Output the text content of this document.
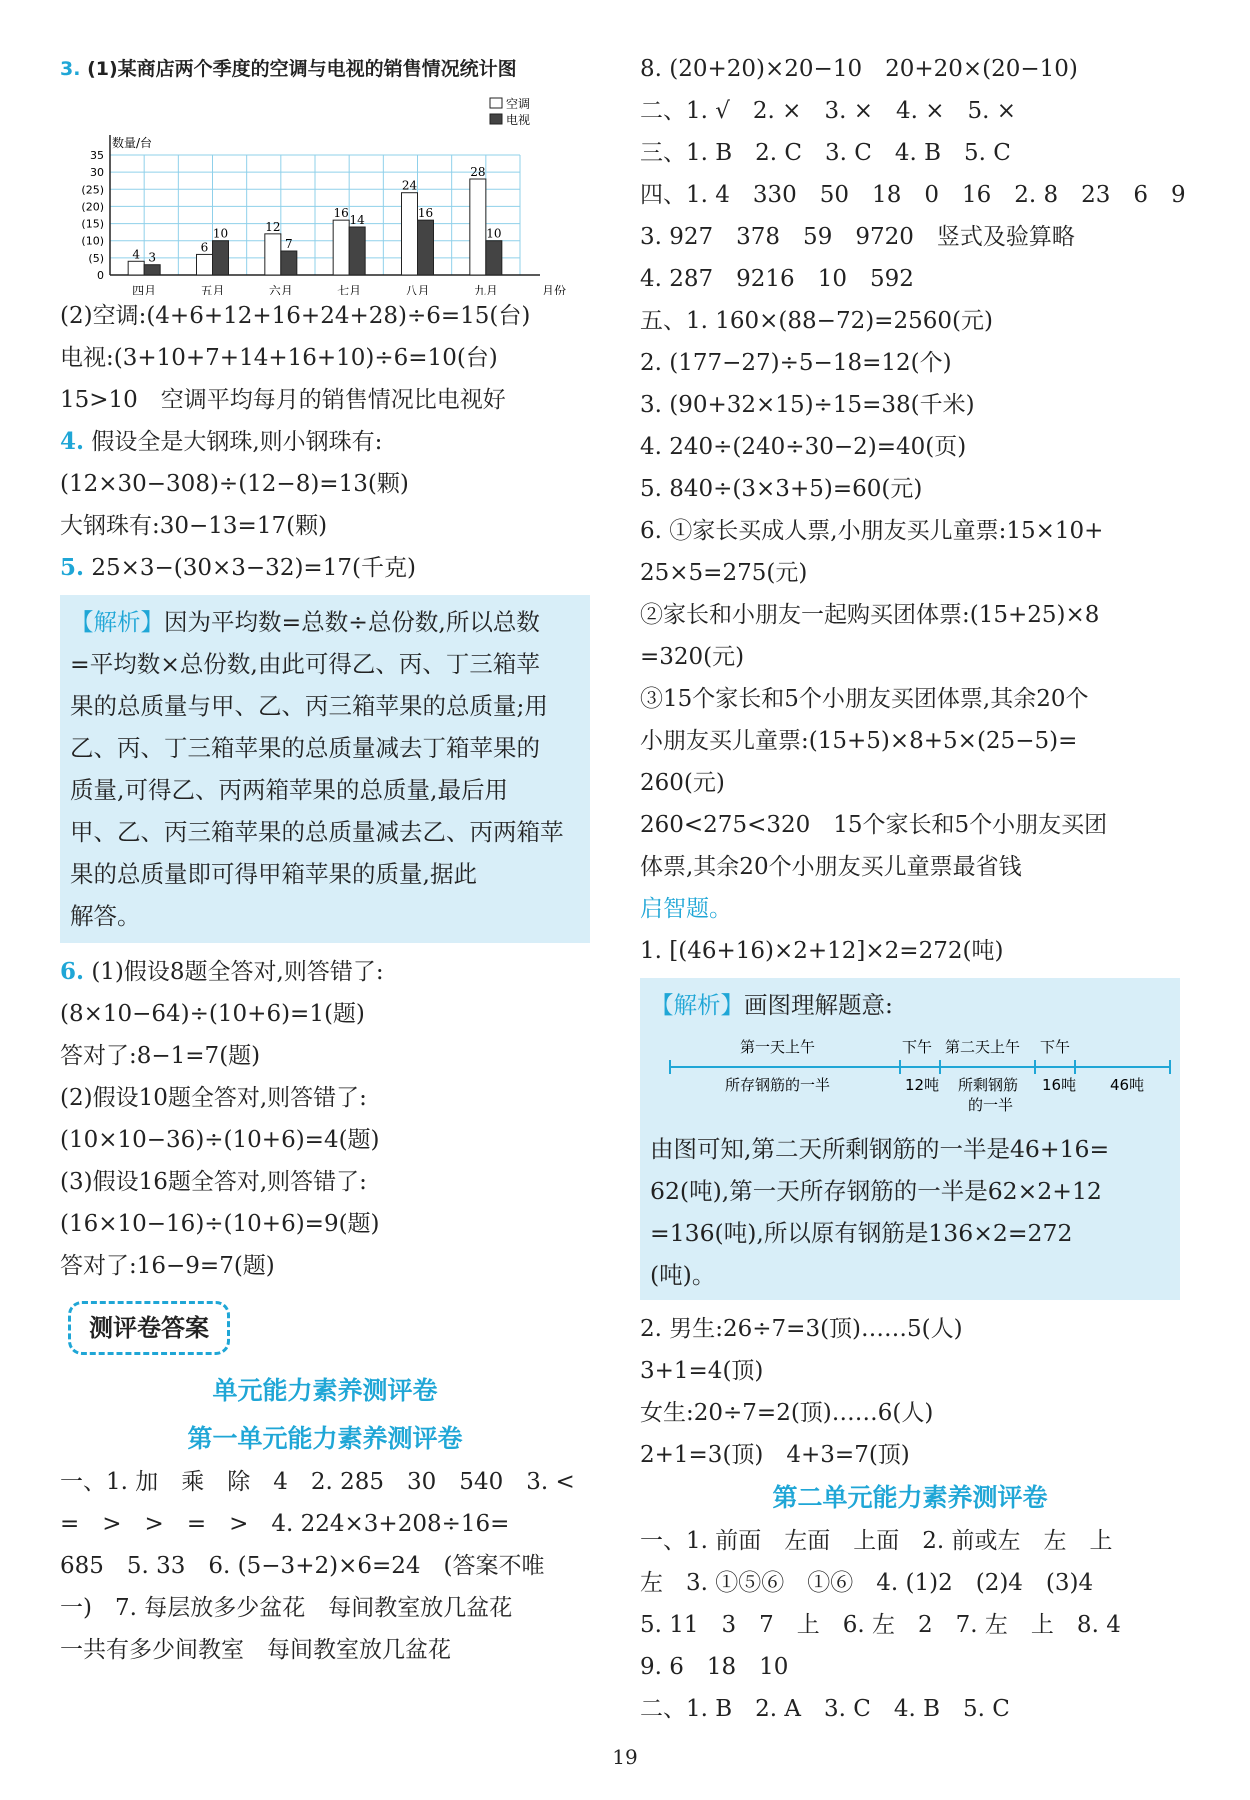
3. (1)某商店两个季度的空调与电视的销售情况统计图
35
30
(25)
(20)
(15)
(10)
(5)
0
数量/台
月份
4 3
四月
6
10
五月
12
7
六月
16 14
七月
24
16
八月
28
10
九月
空调
电视
(2)空调:(4+6+12+16+24+28)÷6=15(台)
电视:(3+10+7+14+16+10)÷6=10(台)
15>10　空调平均每月的销售情况比电视好
4. 假设全是大钢珠,则小钢珠有:
(12×30−308)÷(12−8)=13(颗)
大钢珠有:30−13=17(颗)
5. 25×3−(30×3−32)=17(千克)
【解析】因为平均数=总数÷总份数,所以总数
=平均数×总份数,由此可得乙、丙、丁三箱苹
果的总质量与甲、乙、丙三箱苹果的总质量;用
乙、丙、丁三箱苹果的总质量减去丁箱苹果的
质量,可得乙、丙两箱苹果的总质量,最后用
甲、乙、丙三箱苹果的总质量减去乙、丙两箱苹
果的总质量即可得甲箱苹果的质量,据此
解答。
6. (1)假设8题全答对,则答错了:
(8×10−64)÷(10+6)=1(题)
答对了:8−1=7(题)
(2)假设10题全答对,则答错了:
(10×10−36)÷(10+6)=4(题)
(3)假设16题全答对,则答错了:
(16×10−16)÷(10+6)=9(题)
答对了:16−9=7(题)
测评卷答案
单元能力素养测评卷
第一单元能力素养测评卷
一、1. 加　乘　除　4　2. 285　30　540　3. <
=　>　>　=　>　4. 224×3+208÷16=
685　5. 33　6. (5−3+2)×6=24　(答案不唯
一)　7. 每层放多少盆花　每间教室放几盆花
一共有多少间教室　每间教室放几盆花
8. (20+20)×20−10　20+20×(20−10)
二、1. √　2. ×　3. ×　4. ×　5. ×
三、1. B　2. C　3. C　4. B　5. C
四、1. 4　330　50　18　0　16　2. 8　23　6　9
3. 927　378　59　9720　竖式及验算略
4. 287　9216　10　592
五、1. 160×(88−72)=2560(元)
2. (177−27)÷5−18=12(个)
3. (90+32×15)÷15=38(千米)
4. 240÷(240÷30−2)=40(页)
5. 840÷(3×3+5)=60(元)
6. ①家长买成人票,小朋友买儿童票:15×10+
25×5=275(元)
②家长和小朋友一起购买团体票:(15+25)×8
=320(元)
③15个家长和5个小朋友买团体票,其余20个
小朋友买儿童票:(15+5)×8+5×(25−5)=
260(元)
260<275<320　15个家长和5个小朋友买团
体票,其余20个小朋友买儿童票最省钱
启智题。
1. [(46+16)×2+12]×2=272(吨)
【解析】画图理解题意:
第一天上午	下午 第二天上午 下午
所存钢筋的一半	12吨 所剩钢筋
的一半
16吨 46吨
由图可知,第二天所剩钢筋的一半是46+16=
62(吨),第一天所存钢筋的一半是62×2+12
=136(吨),所以原有钢筋是136×2=272
(吨)。
2. 男生:26÷7=3(顶)……5(人)
3+1=4(顶)
女生:20÷7=2(顶)……6(人)
2+1=3(顶)　4+3=7(顶)
第二单元能力素养测评卷
一、1. 前面　左面　上面　2. 前或左　左　上
左　3. ①⑤⑥　①⑥　4. (1)2　(2)4　(3)4
5. 11　3　7　上　6. 左　2　7. 左　上　8. 4
9. 6　18　10
二、1. B　2. A　3. C　4. B　5. C
19
